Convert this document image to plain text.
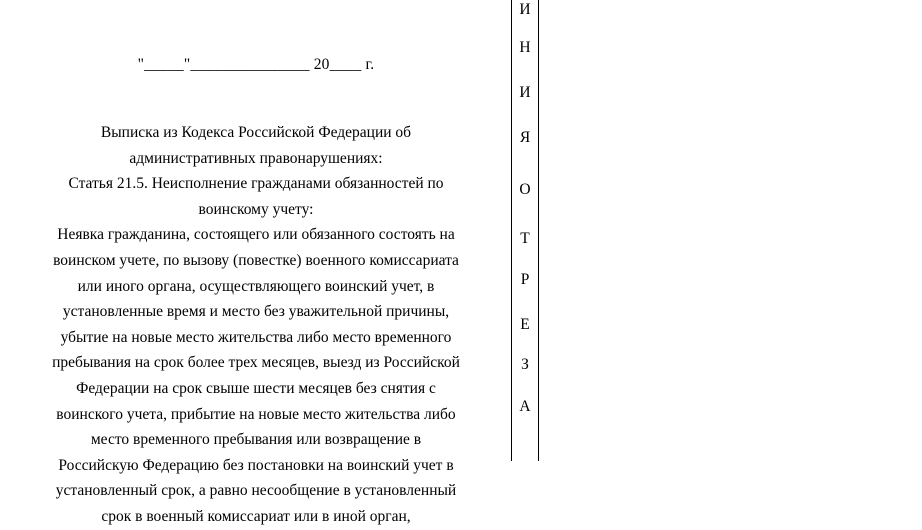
"_____"_______________ 20____ г.

Выписка из Кодекса Российской Федерации об

административных правонарушениях:

Статья 21.5. Неисполнение гражданами обязанностей по

воинскому учету:

Неявка гражданина, состоящего или обязанного состоять на

воинском учете, по вызову (повестке) военного комиссариата

или иного органа, осуществляющего воинский учет, в

установленные время и место без уважительной причины,

убытие на новые место жительства либо место временного

пребывания на срок более трех месяцев, выезд из Российской

Федерации на срок свыше шести месяцев без снятия с

воинского учета, прибытие на новые место жительства либо

место временного пребывания или возвращение в

Российскую Федерацию без постановки на воинский учет в

установленный срок, а равно несообщение в установленный

срок в военный комиссариат или в иной орган,

И
Н
И
Я
О
Т
Р
Е
З
А
